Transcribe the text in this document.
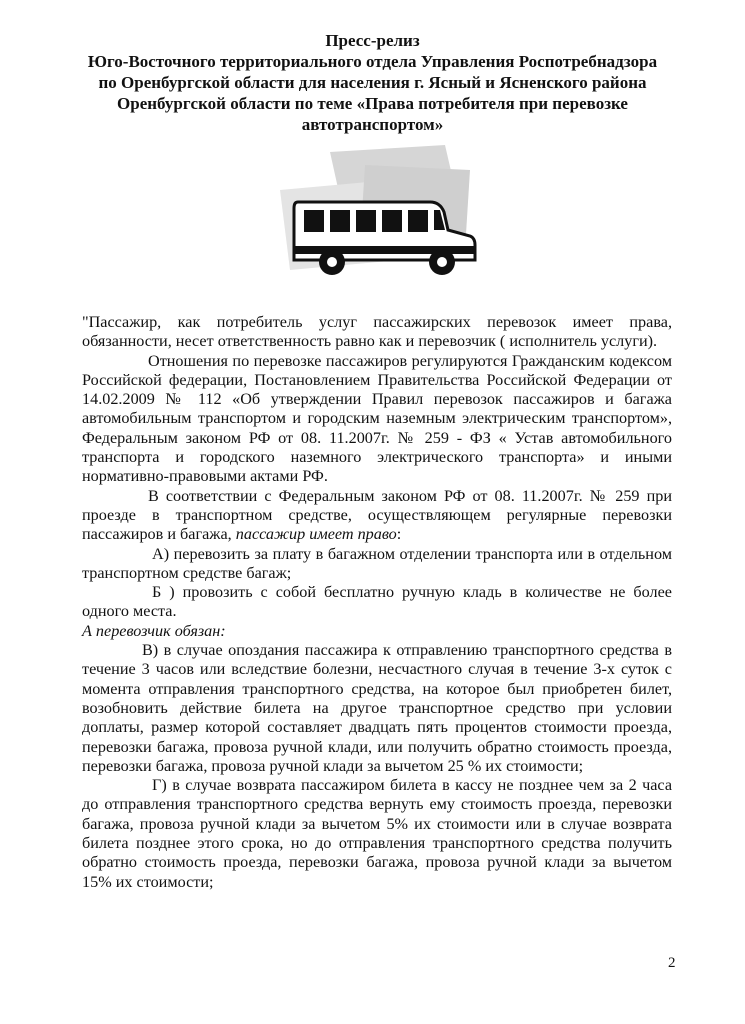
Пресс-релиз
Юго-Восточного территориального отдела Управления Роспотребнадзора
по Оренбургской области для населения г. Ясный и Ясненского района
Оренбургской области по теме «Права потребителя при перевозке
автотранспортом»

"Пассажир, как потребитель услуг пассажирских перевозок имеет права, обязанности, несет ответственность равно как и перевозчик ( исполнитель услуги).

Отношения по перевозке пассажиров регулируются Гражданским кодексом Российской федерации, Постановлением Правительства Российской Федерации от 14.02.2009 № 112 «Об утверждении Правил перевозок пассажиров и багажа автомобильным транспортом и городским наземным электрическим транспортом», Федеральным законом РФ от 08. 11.2007г. № 259 - ФЗ « Устав автомобильного транспорта и городского наземного электрического транспорта» и иными нормативно-правовыми актами РФ.

В соответствии с Федеральным законом РФ от 08. 11.2007г. № 259 при проезде в транспортном средстве, осуществляющем регулярные перевозки пассажиров и багажа, пассажир имеет право:

А) перевозить за плату в багажном отделении транспорта или в отдельном транспортном средстве багаж;

Б ) провозить с собой бесплатно ручную кладь в количестве не более одного места.

А перевозчик обязан:

В) в случае опоздания пассажира к отправлению транспортного средства в течение 3 часов или вследствие болезни, несчастного случая в течение 3-х суток с момента отправления транспортного средства, на которое был приобретен билет, возобновить действие билета на другое транспортное средство при условии доплаты, размер которой составляет двадцать пять процентов стоимости проезда, перевозки багажа, провоза ручной клади, или получить обратно стоимость проезда, перевозки багажа, провоза ручной клади за вычетом 25 % их стоимости;

Г) в случае возврата пассажиром билета в кассу не позднее чем за 2 часа до отправления транспортного средства вернуть ему стоимость проезда, перевозки багажа, провоза ручной клади за вычетом 5% их стоимости или в случае возврата билета позднее этого срока, но до отправления транспортного средства получить обратно стоимость проезда, перевозки багажа, провоза ручной клади за вычетом 15% их стоимости;

2
